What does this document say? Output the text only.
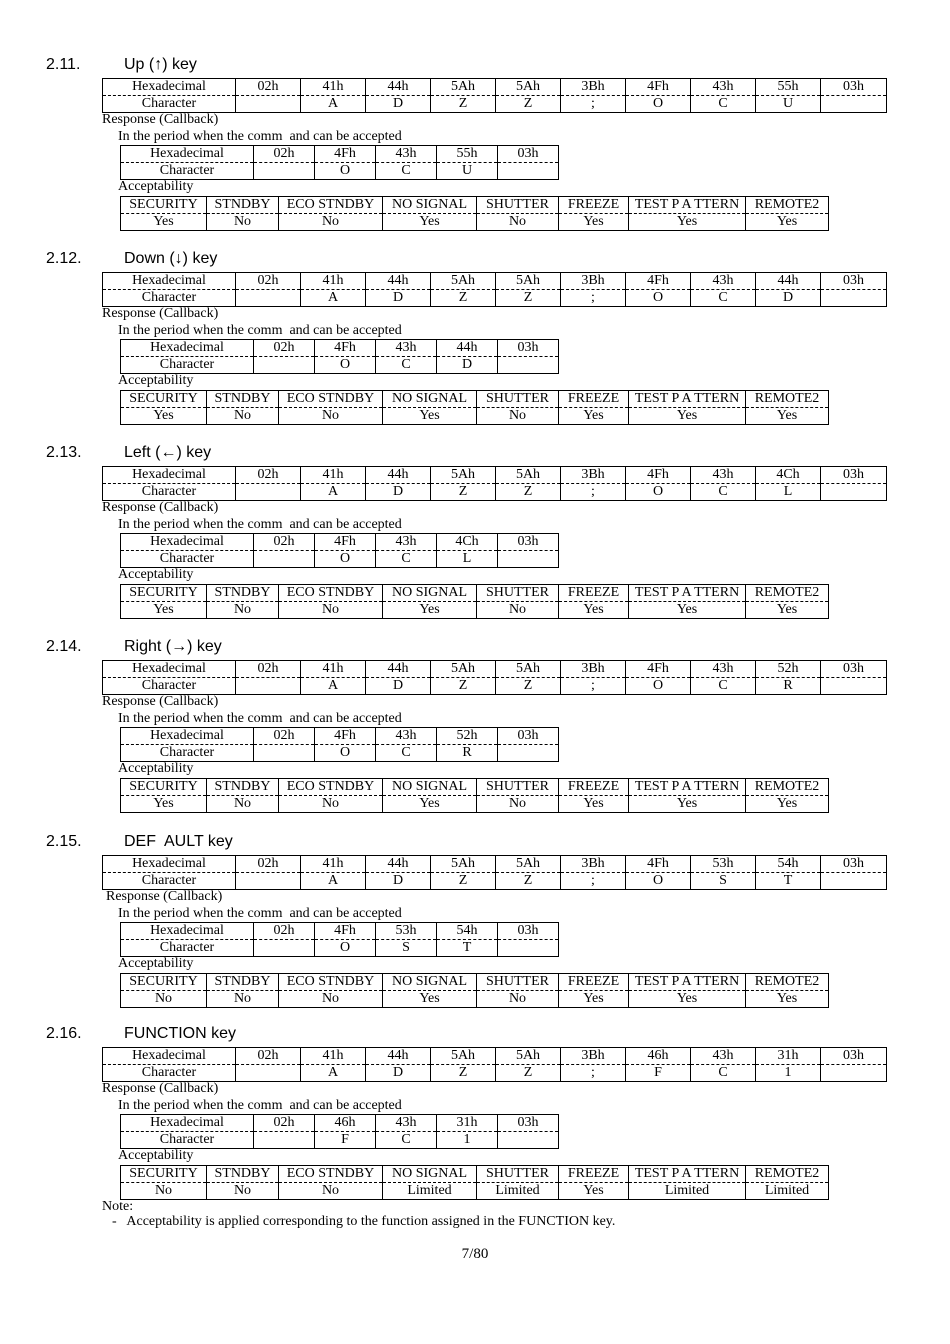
2.11.	Up (↑) key
Hexadecimal	02h	41h	44h	5Ah	5Ah	3Bh	4Fh	43h	55h	03h
Character		A	D	Z	Z	;	O	C	U	
Response (Callback)
In the period when the comm  and can be accepted
Hexadecimal	02h	4Fh	43h	55h	03h
Character		O	C	U	
Acceptability
SECURITY	STNDBY	ECO STNDBY	NO SIGNAL	SHUTTER	FREEZE	TEST P A TTERN	REMOTE2
Yes	No	No	Yes	No	Yes	Yes	Yes
2.12.	Down (↓) key
Hexadecimal	02h	41h	44h	5Ah	5Ah	3Bh	4Fh	43h	44h	03h
Character		A	D	Z	Z	;	O	C	D	
Response (Callback)
In the period when the comm  and can be accepted
Hexadecimal	02h	4Fh	43h	44h	03h
Character		O	C	D	
Acceptability
SECURITY	STNDBY	ECO STNDBY	NO SIGNAL	SHUTTER	FREEZE	TEST P A TTERN	REMOTE2
Yes	No	No	Yes	No	Yes	Yes	Yes
2.13.	Left (←) key
Hexadecimal	02h	41h	44h	5Ah	5Ah	3Bh	4Fh	43h	4Ch	03h
Character		A	D	Z	Z	;	O	C	L	
Response (Callback)
In the period when the comm  and can be accepted
Hexadecimal	02h	4Fh	43h	4Ch	03h
Character		O	C	L	
Acceptability
SECURITY	STNDBY	ECO STNDBY	NO SIGNAL	SHUTTER	FREEZE	TEST P A TTERN	REMOTE2
Yes	No	No	Yes	No	Yes	Yes	Yes
2.14.	Right (→) key
Hexadecimal	02h	41h	44h	5Ah	5Ah	3Bh	4Fh	43h	52h	03h
Character		A	D	Z	Z	;	O	C	R	
Response (Callback)
In the period when the comm  and can be accepted
Hexadecimal	02h	4Fh	43h	52h	03h
Character		O	C	R	
Acceptability
SECURITY	STNDBY	ECO STNDBY	NO SIGNAL	SHUTTER	FREEZE	TEST P A TTERN	REMOTE2
Yes	No	No	Yes	No	Yes	Yes	Yes
2.15.	DEF  AULT key
Hexadecimal	02h	41h	44h	5Ah	5Ah	3Bh	4Fh	53h	54h	03h
Character		A	D	Z	Z	;	O	S	T	
Response (Callback)
In the period when the comm  and can be accepted
Hexadecimal	02h	4Fh	53h	54h	03h
Character		O	S	T	
Acceptability
SECURITY	STNDBY	ECO STNDBY	NO SIGNAL	SHUTTER	FREEZE	TEST P A TTERN	REMOTE2
No	No	No	Yes	No	Yes	Yes	Yes
2.16.	FUNCTION key
Hexadecimal	02h	41h	44h	5Ah	5Ah	3Bh	46h	43h	31h	03h
Character		A	D	Z	Z	;	F	C	1	
Response (Callback)
In the period when the comm  and can be accepted
Hexadecimal	02h	46h	43h	31h	03h
Character		F	C	1	
Acceptability
SECURITY	STNDBY	ECO STNDBY	NO SIGNAL	SHUTTER	FREEZE	TEST P A TTERN	REMOTE2
No	No	No	Limited	Limited	Yes	Limited	Limited
Note:
-   Acceptability is applied corresponding to the function assigned in the FUNCTION key.
7/80
